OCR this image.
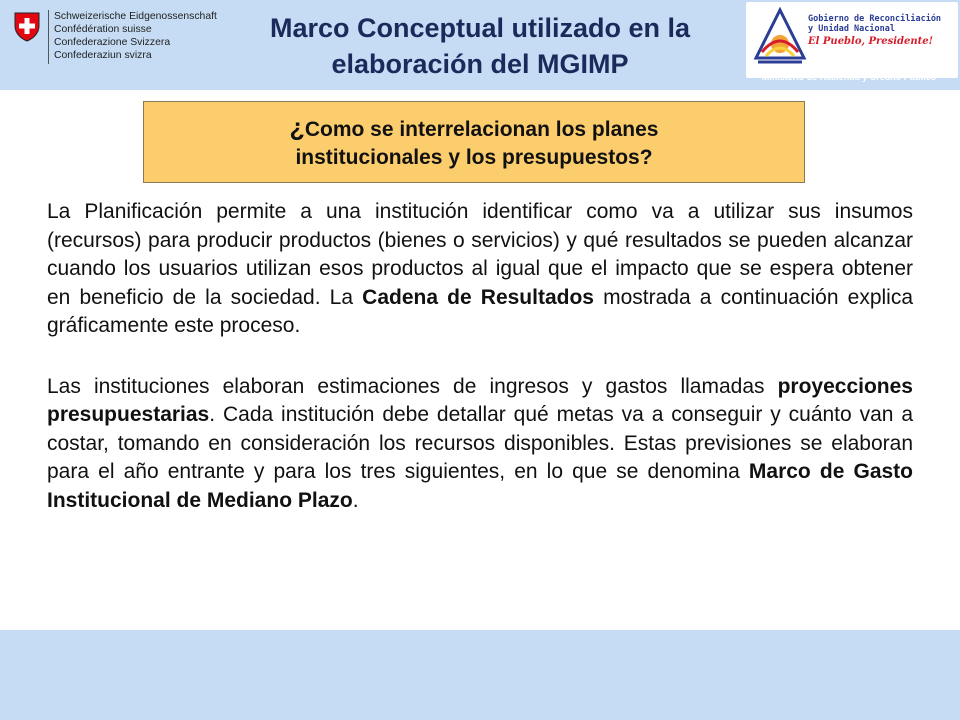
Schweizerische Eidgenossenschaft
Confédération suisse
Confederazione Svizzera
Confederaziun svizra
Marco Conceptual utilizado en la
elaboración del MGIMP
Gobierno de Reconciliación
y Unidad Nacional
El Pueblo, Presidente!
Ministerio de Hacienda y Crédito Público
¿Como se interrelacionan los planes
institucionales y los presupuestos?

La Planificación permite a una institución identificar como va a utilizar sus insumos (recursos) para producir productos (bienes o servicios) y qué resultados se pueden alcanzar cuando los usuarios utilizan esos productos al igual que el impacto que se espera obtener en beneficio de la sociedad. La Cadena de Resultados mostrada a continuación explica gráficamente este proceso.

Las instituciones elaboran estimaciones de ingresos y gastos llamadas proyecciones presupuestarias. Cada institución debe detallar qué metas va a conseguir y cuánto van a costar, tomando en consideración los recursos disponibles. Estas previsiones se elaboran para el año entrante y para los tres siguientes, en lo que se denomina Marco de Gasto Institucional de Mediano Plazo.
